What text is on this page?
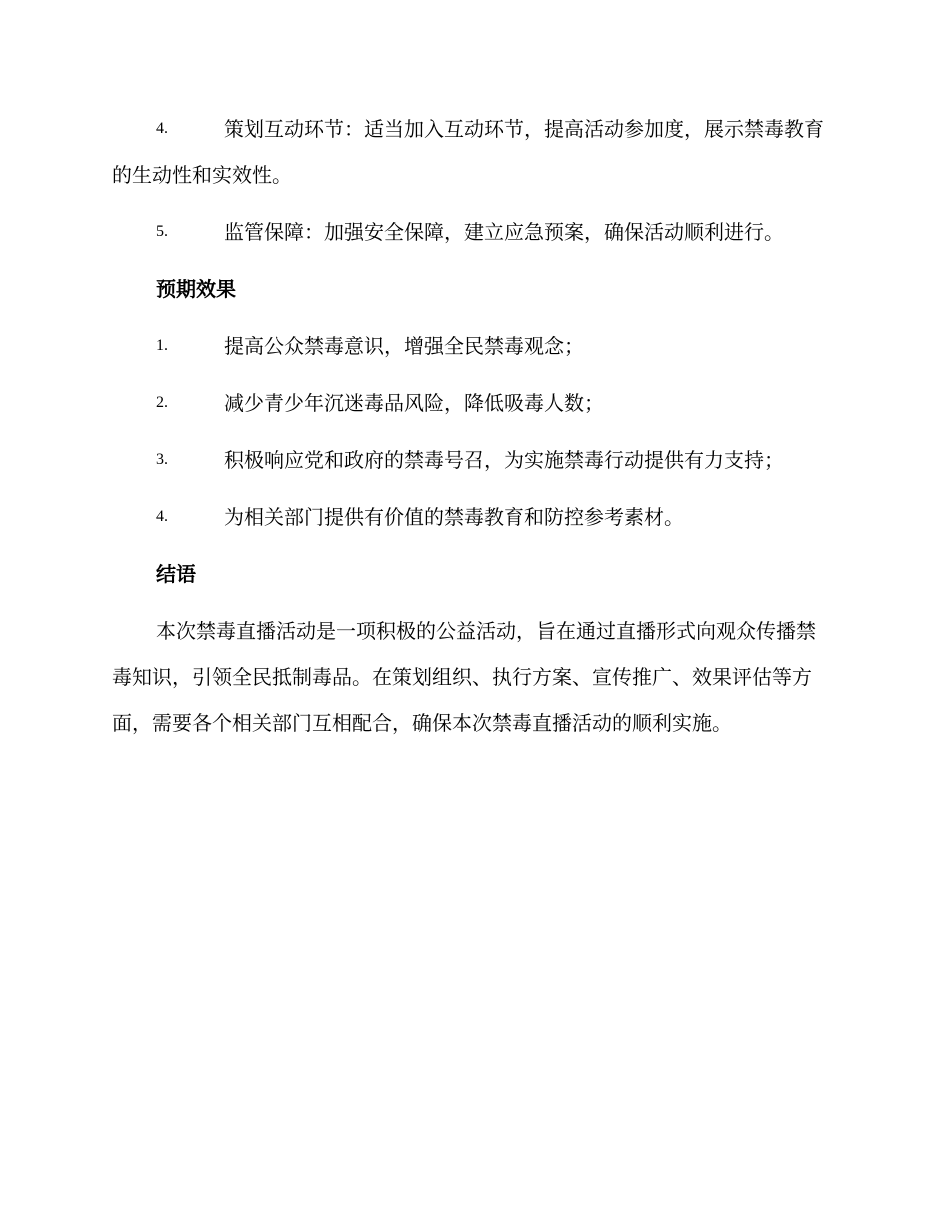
4.	策划互动环节：适当加入互动环节，提高活动参加度，展示禁毒教育的生动性和实效性。
5.	监管保障：加强安全保障，建立应急预案，确保活动顺利进行。
预期效果
1.	提高公众禁毒意识，增强全民禁毒观念；
2.	减少青少年沉迷毒品风险，降低吸毒人数；
3.	积极响应党和政府的禁毒号召，为实施禁毒行动提供有力支持；
4.	为相关部门提供有价值的禁毒教育和防控参考素材。
结语

本次禁毒直播活动是一项积极的公益活动，旨在通过直播形式向观众传播禁毒知识，引领全民抵制毒品。在策划组织、执行方案、宣传推广、效果评估等方面，需要各个相关部门互相配合，确保本次禁毒直播活动的顺利实施。
